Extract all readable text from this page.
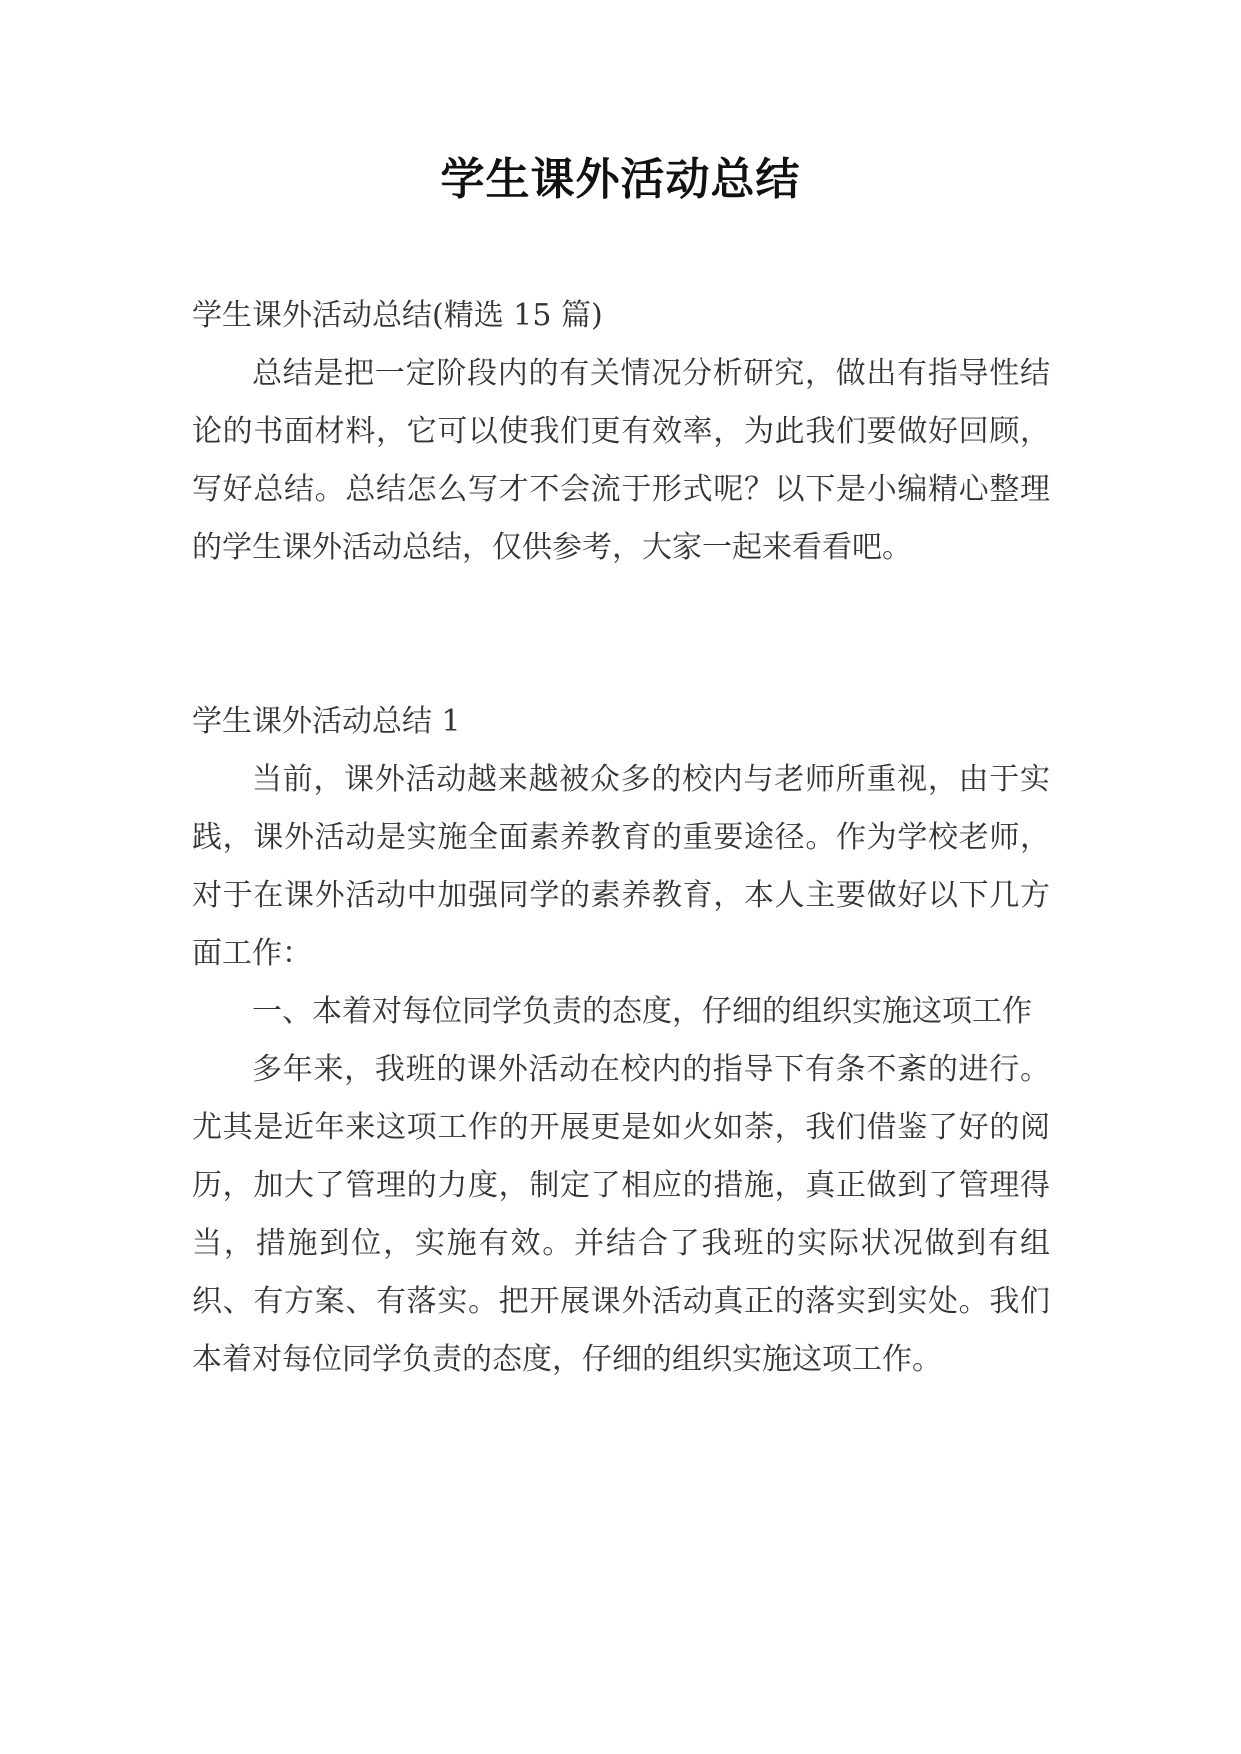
学生课外活动总结

学生课外活动总结(精选 15 篇)

总结是把一定阶段内的有关情况分析研究，做出有指导性结论的书面材料，它可以使我们更有效率，为此我们要做好回顾，写好总结。总结怎么写才不会流于形式呢？以下是小编精心整理的学生课外活动总结，仅供参考，大家一起来看看吧。

学生课外活动总结 1

当前，课外活动越来越被众多的校内与老师所重视，由于实践，课外活动是实施全面素养教育的重要途径。作为学校老师，对于在课外活动中加强同学的素养教育，本人主要做好以下几方面工作：

一、本着对每位同学负责的态度，仔细的组织实施这项工作

多年来，我班的课外活动在校内的指导下有条不紊的进行。尤其是近年来这项工作的开展更是如火如荼，我们借鉴了好的阅历，加大了管理的力度，制定了相应的措施，真正做到了管理得当，措施到位，实施有效。并结合了我班的实际状况做到有组织、有方案、有落实。把开展课外活动真正的落实到实处。我们本着对每位同学负责的态度，仔细的组织实施这项工作。
